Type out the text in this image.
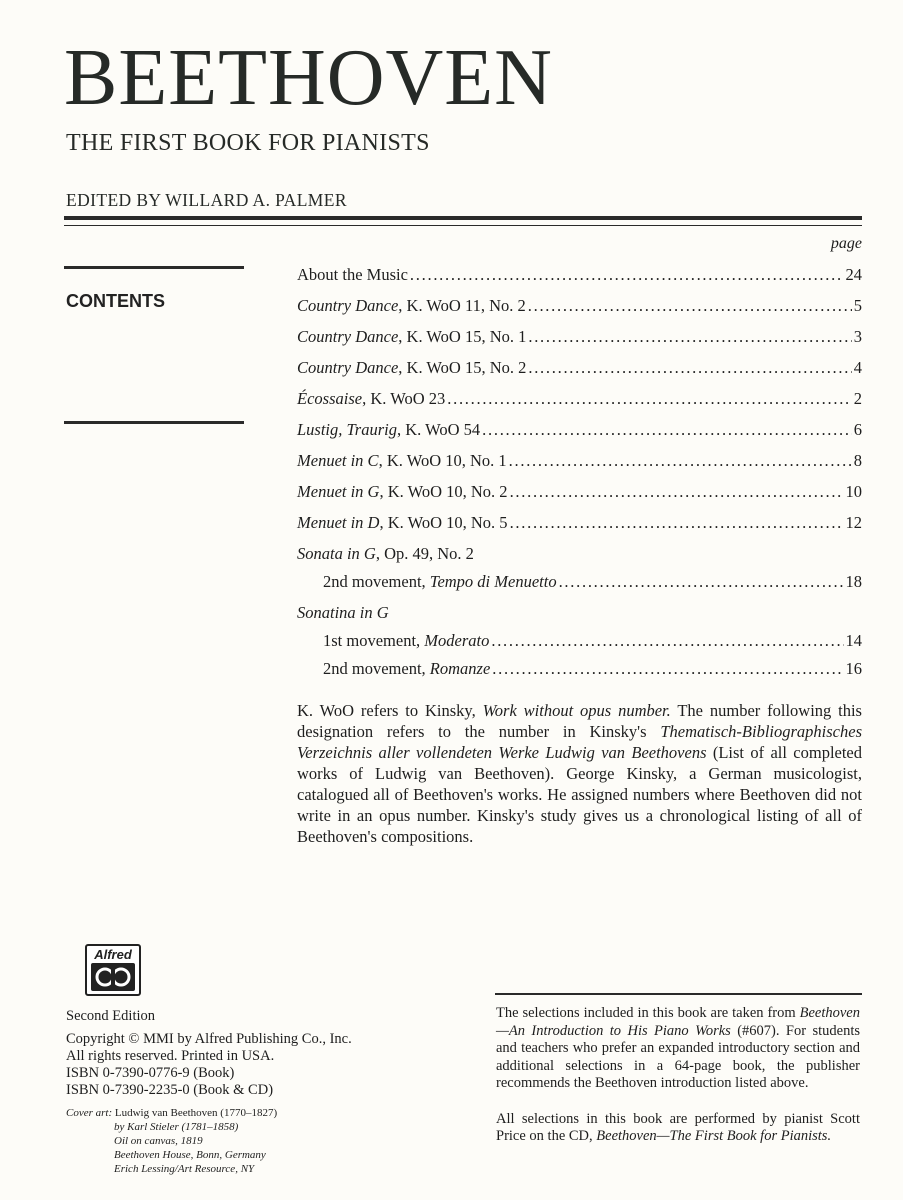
BEETHOVEN
THE FIRST BOOK FOR PIANISTS
EDITED BY WILLARD A. PALMER
CONTENTS
page
About the Music . . .	24
Country Dance, K. WoO 11, No. 2 . . .	5
Country Dance, K. WoO 15, No. 1 . . .	3
Country Dance, K. WoO 15, No. 2 . . .	4
Écossaise, K. WoO 23 . . .	2
Lustig, Traurig, K. WoO 54 . . .	6
Menuet in C, K. WoO 10, No. 1 . . .	8
Menuet in G, K. WoO 10, No. 2 . . .	10
Menuet in D, K. WoO 10, No. 5 . . .	12
Sonata in G, Op. 49, No. 2
2nd movement, Tempo di Menuetto . . .	18
Sonatina in G
1st movement, Moderato . . .	14
2nd movement, Romanze . . .	16
K. WoO refers to Kinsky, Work without opus number. The number following this designation refers to the number in Kinsky's Thematisch-Bibliographisches Verzeichnis aller vollendeten Werke Ludwig van Beethovens (List of all completed works of Ludwig van Beethoven). George Kinsky, a German musicologist, catalogued all of Beethoven's works. He assigned numbers where Beethoven did not write in an opus number. Kinsky's study gives us a chronological listing of all of Beethoven's compositions.
Alfred
Second Edition
Copyright © MMI by Alfred Publishing Co., Inc.
All rights reserved. Printed in USA.
ISBN 0-7390-0776-9 (Book)
ISBN 0-7390-2235-0 (Book & CD)
Cover art: Ludwig van Beethoven (1770–1827)
by Karl Stieler (1781–1858)
Oil on canvas, 1819
Beethoven House, Bonn, Germany
Erich Lessing/Art Resource, NY

The selections included in this book are taken from Beethoven—An Introduction to His Piano Works (#607). For students and teachers who prefer an expanded introductory section and additional selections in a 64-page book, the publisher recommends the Beethoven introduction listed above.

All selections in this book are performed by pianist Scott Price on the CD, Beethoven—The First Book for Pianists.
